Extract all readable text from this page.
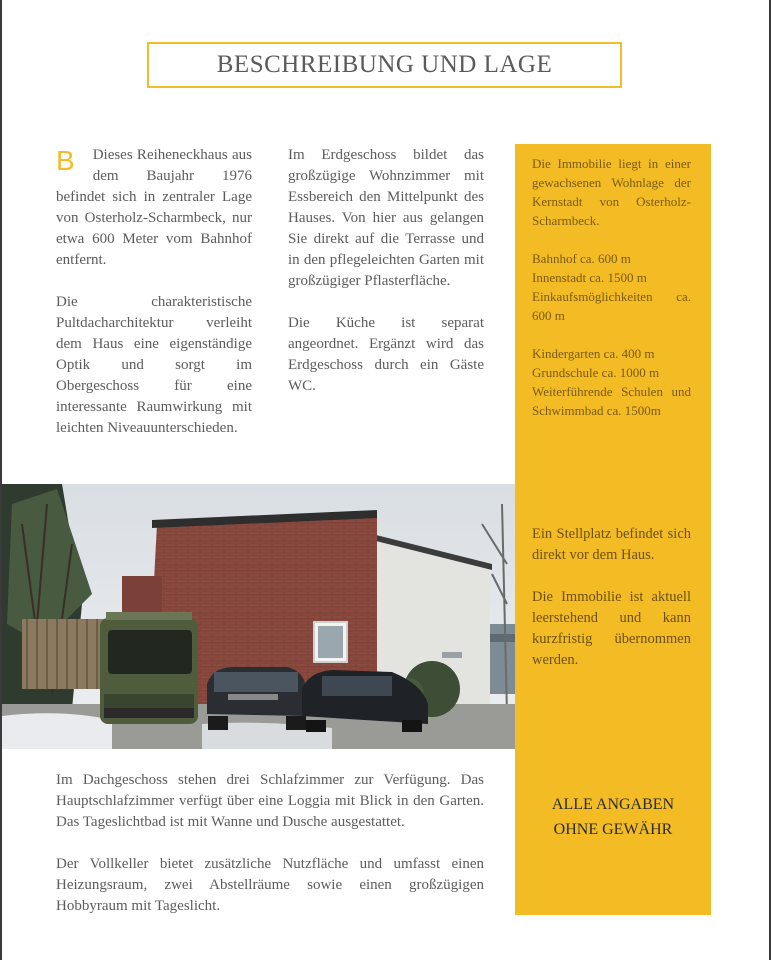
BESCHREIBUNG UND LAGE

B Dieses Reiheneckhaus aus dem Baujahr 1976 befindet sich in zentraler Lage von Osterholz-Scharmbeck, nur etwa 600 Meter vom Bahnhof entfernt.

Die charakteristische Pultdacharchitektur verleiht dem Haus eine eigenständige Optik und sorgt im Obergeschoss für eine interessante Raumwirkung mit leichten Niveauunterschieden.

Im Erdgeschoss bildet das großzügige Wohnzimmer mit Essbereich den Mittelpunkt des Hauses. Von hier aus gelangen Sie direkt auf die Terrasse und in den pflegeleichten Garten mit großzügiger Pflasterfläche.

Die Küche ist separat angeordnet. Ergänzt wird das Erdgeschoss durch ein Gäste WC.

Die Immobilie liegt in einer gewachsenen Wohnlage der Kernstadt von Osterholz-Scharmbeck.

Bahnhof ca. 600 m
Innenstadt ca. 1500 m
Einkaufsmöglichkeiten ca. 600 m

Kindergarten ca. 400 m
Grundschule ca. 1000 m
Weiterführende Schulen und Schwimmbad ca. 1500m

Ein Stellplatz befindet sich direkt vor dem Haus.

Die Immobilie ist aktuell leerstehend und kann kurzfristig übernommen werden.

ALLE ANGABEN
OHNE GEWÄHR

Im Dachgeschoss stehen drei Schlafzimmer zur Verfügung. Das Hauptschlafzimmer verfügt über eine Loggia mit Blick in den Garten. Das Tageslichtbad ist mit Wanne und Dusche ausgestattet.

Der Vollkeller bietet zusätzliche Nutzfläche und umfasst einen Heizungsraum, zwei Abstellräume sowie einen großzügigen Hobbyraum mit Tageslicht.
